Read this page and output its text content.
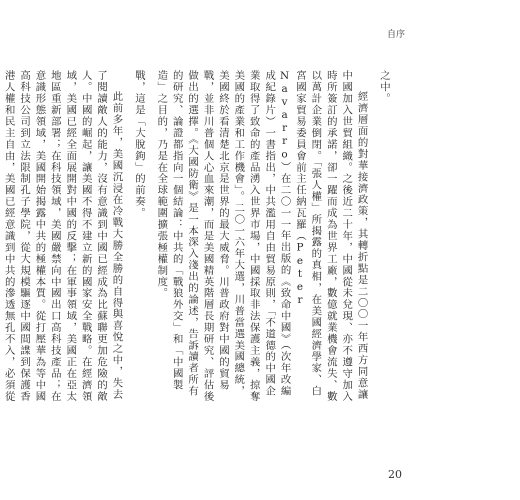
自序

之中。

經濟層面的對華接濟政策，其轉折點是二〇〇一年西方同意讓中國加入世貿組織。之後近二十年，中國從未兌現、亦不遵守加入時所簽訂的承諾，卻一躍而成為世界工廠，數億就業機會流失、數以萬計企業倒閉。「張人權」所揭露的真相，在美國經濟學家、白宮國家貿易委員會前主任納瓦羅（Peter Navarro）在二〇一一年出版的《致命中國》（次年改編成紀錄片）一書指出，中共濫用自由貿易原則，「不道德的中國企業取得了致命的產品湧入世界市場，中國採取非法保護主義，掠奪美國的產業和工作機會」。二〇一六年大選，川普當選美國總統，美國終於看清楚北京是世界的最大威脅。川普政府對中國的貿易戰，並非川普個人心血來潮，而是美國精英階層長期研究、評估後做出的選擇。《大國防衛》是一本深入淺出的論述，告訴讀者所有的研究、論證都指向一個結論：中共的「戰狼外交」和「中國製造」之目的，乃是在全球範圍擴張極權制度。

戰，這是「大脫鉤」的前奏。

此前多年，美國沉浸在冷戰大勝全勝的自得與喜悅之中，失去了閱讀敵人的能力，沒有意識到中國已經成為比蘇聯更加危險的敵人。中國的崛起，讓美國不得不建立新的國家安全戰略。在經濟領域，美國已經全面展開對中國的反擊；在軍事領域，美國正在亞太地區重新部署；在科技領域，美國嚴禁向中國出口高科技產品；在意識形態領域，美國開始揭露中共的極權本質。從打壓華為等中國高科技公司到立法限制孔子學院，從大規模驅逐中國間諜到保護香港人權和民主自由，美國已經意識到中共的滲透無孔不入，必須從

20
